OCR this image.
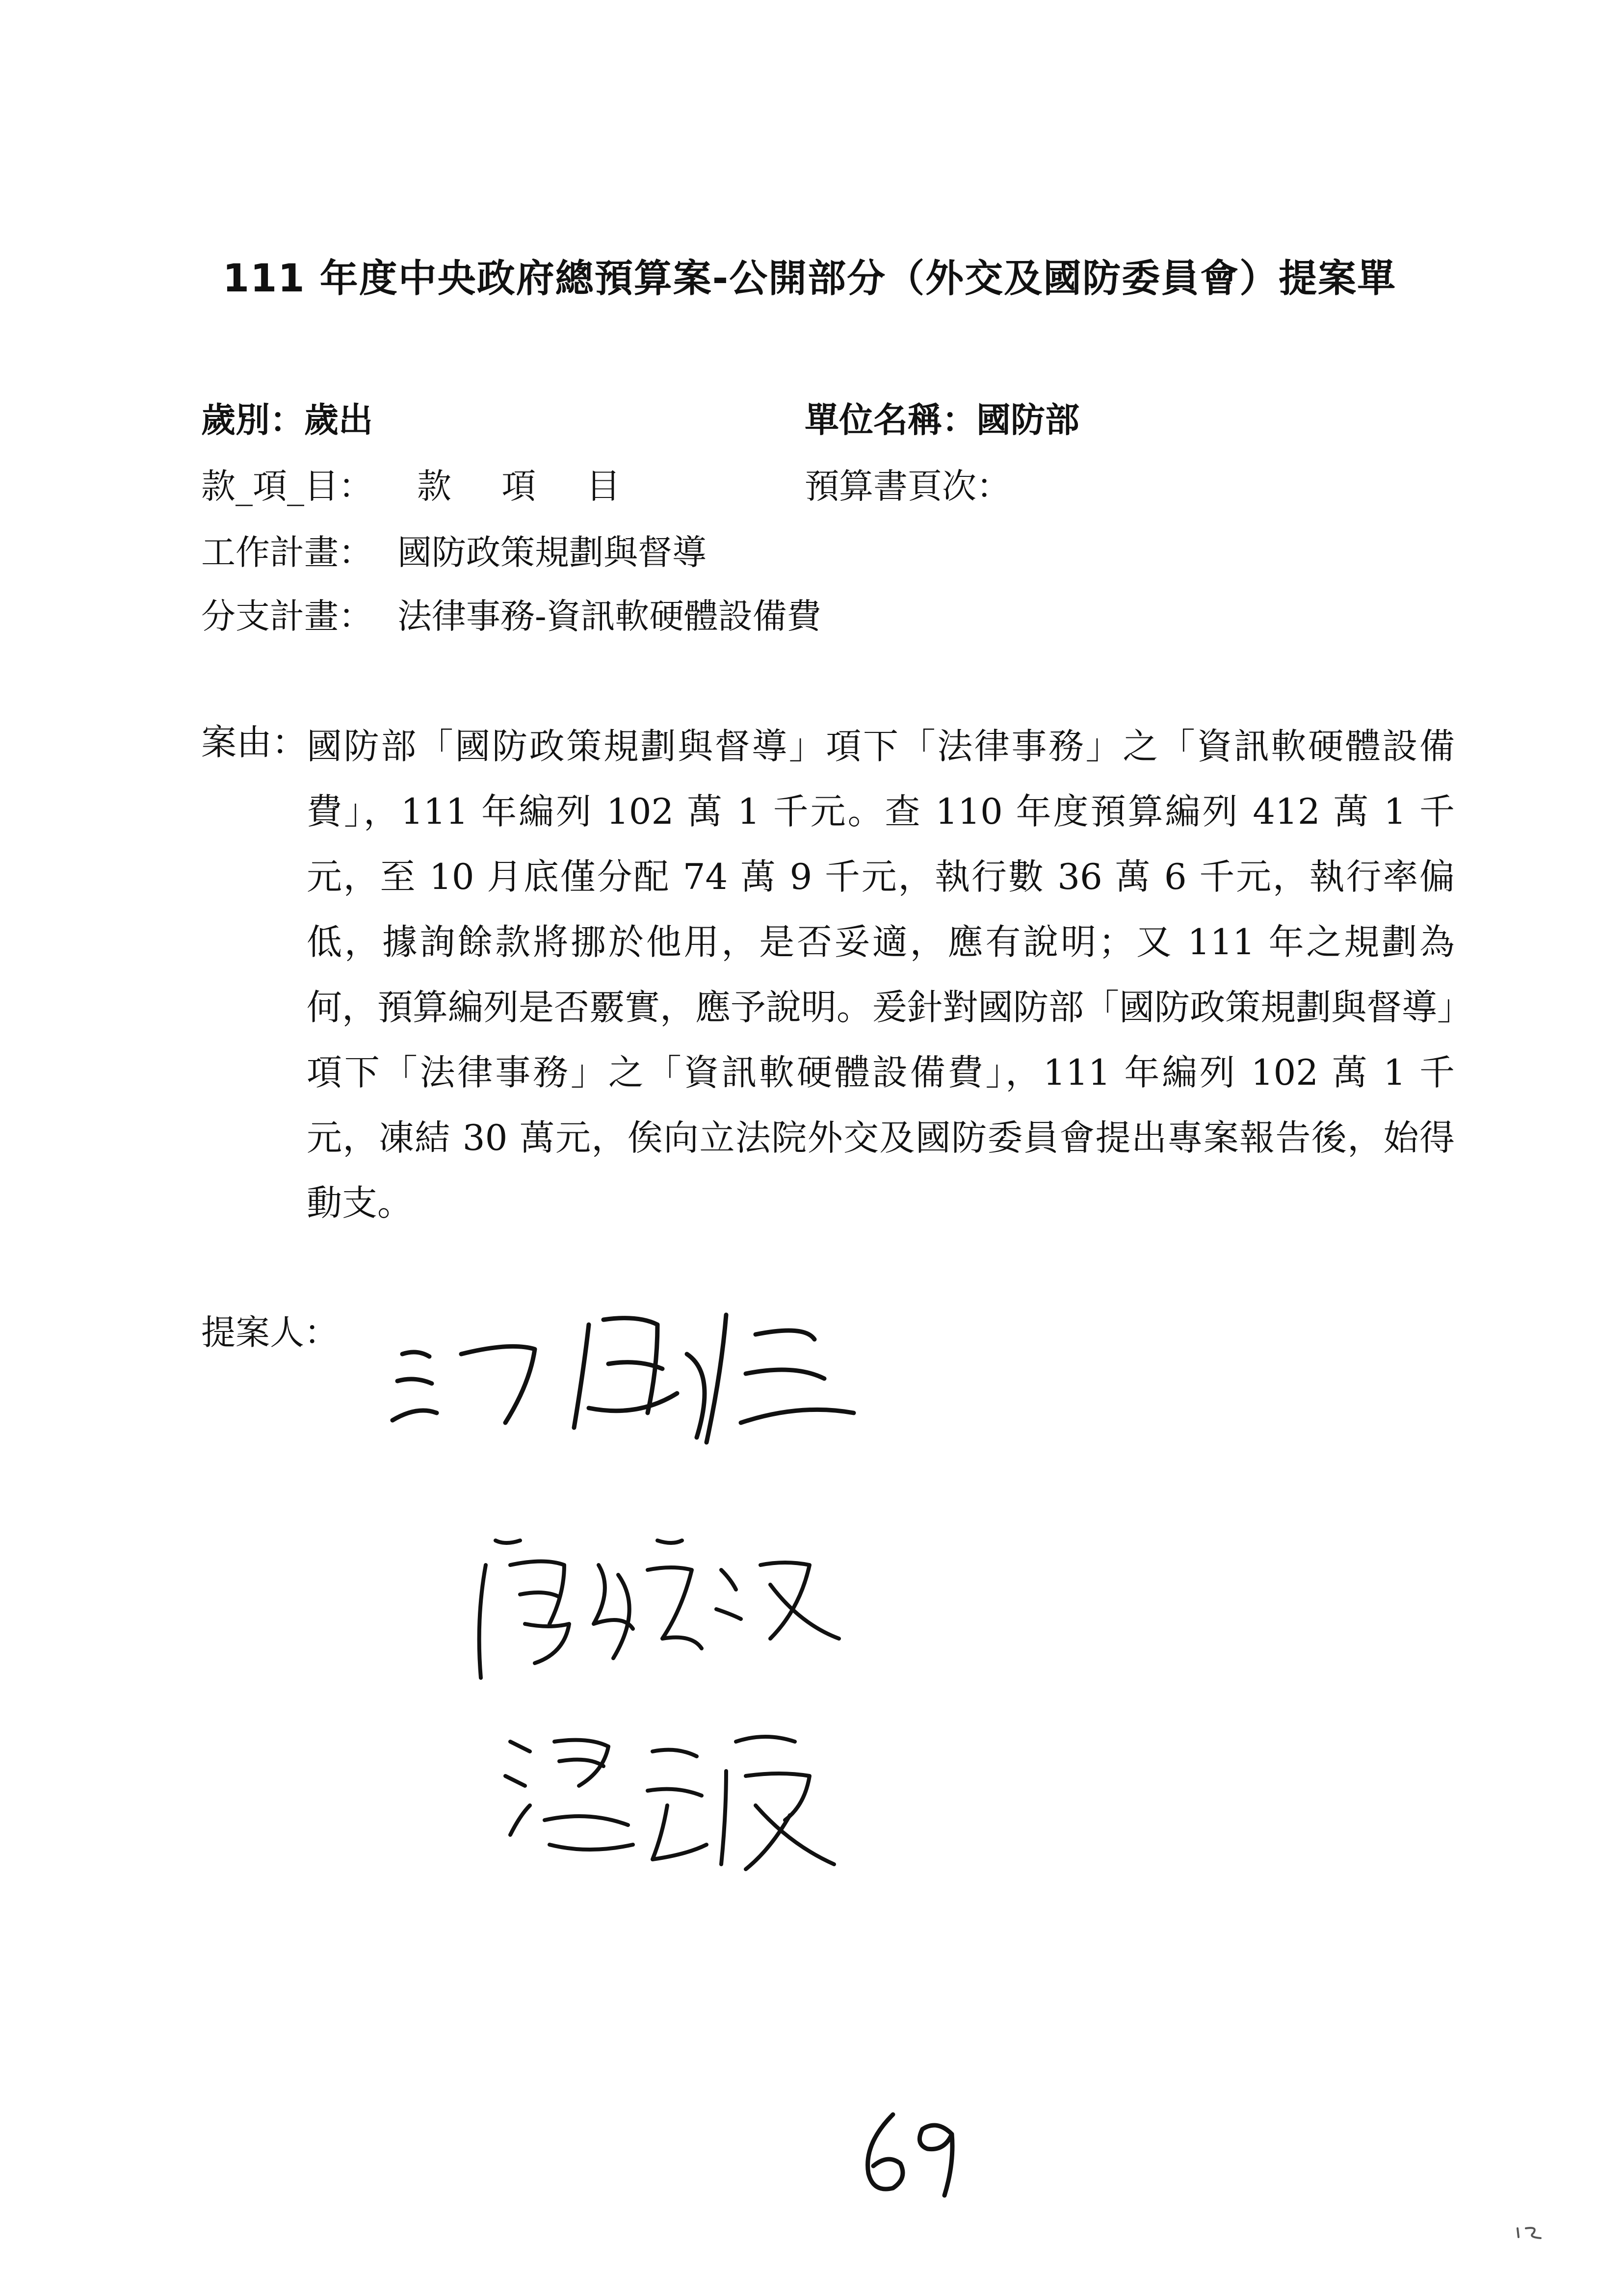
111 年度中央政府總預算案-公開部分（外交及國防委員會）提案單
歲別：歲出	單位名稱：國防部
款_項_目： 款 項 目	預算書頁次：
工作計畫： 國防政策規劃與督導
分支計畫： 法律事務-資訊軟硬體設備費
案由：
國防部「國防政策規劃與督導」項下「法律事務」之「資訊軟硬體設備費」，111 年編列 102 萬 1 千元。查 110 年度預算編列 412 萬 1 千元，至 10 月底僅分配 74 萬 9 千元，執行數 36 萬 6 千元，執行率偏低，據詢餘款將挪於他用，是否妥適，應有說明；又 111 年之規劃為何，預算編列是否覈實，應予說明。爰針對國防部「國防政策規劃與督導」項下「法律事務」之「資訊軟硬體設備費」，111 年編列 102 萬 1 千元，凍結 30 萬元，俟向立法院外交及國防委員會提出專案報告後，始得動支。
提案人：
